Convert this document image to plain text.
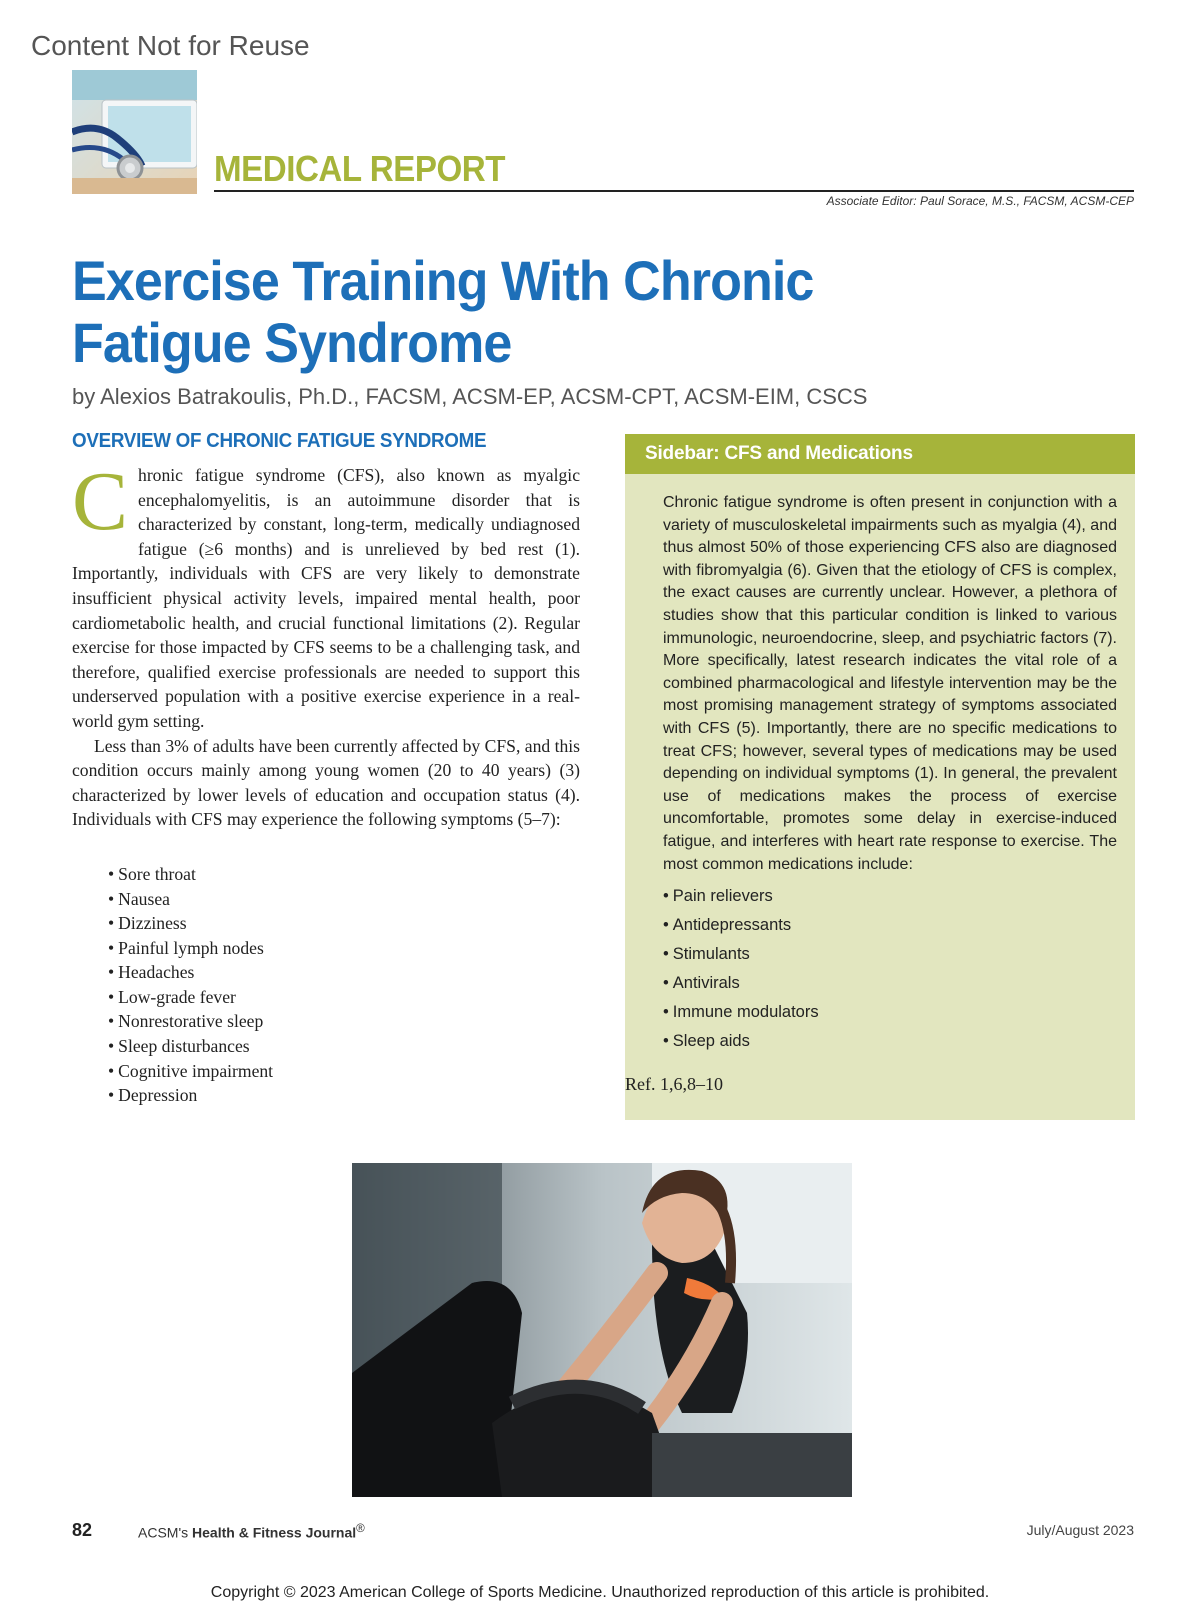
Content Not for Reuse
MEDICAL REPORT
Associate Editor: Paul Sorace, M.S., FACSM, ACSM-CEP
Exercise Training With Chronic Fatigue Syndrome
by Alexios Batrakoulis, Ph.D., FACSM, ACSM-EP, ACSM-CPT, ACSM-EIM, CSCS
OVERVIEW OF CHRONIC FATIGUE SYNDROME

Chronic fatigue syndrome (CFS), also known as myalgic encephalomyelitis, is an autoimmune disorder that is characterized by constant, long-term, medically undiagnosed fatigue (≥6 months) and is unrelieved by bed rest (1). Importantly, individuals with CFS are very likely to demonstrate insufficient physical activity levels, impaired mental health, poor cardiometabolic health, and crucial functional limitations (2). Regular exercise for those impacted by CFS seems to be a challenging task, and therefore, qualified exercise professionals are needed to support this underserved population with a positive exercise experience in a real-world gym setting.

Less than 3% of adults have been currently affected by CFS, and this condition occurs mainly among young women (20 to 40 years) (3) characterized by lower levels of education and occupation status (4). Individuals with CFS may experience the following symptoms (5–7):

• Sore throat
• Nausea
• Dizziness
• Painful lymph nodes
• Headaches
• Low-grade fever
• Nonrestorative sleep
• Sleep disturbances
• Cognitive impairment
• Depression
Sidebar: CFS and Medications
Chronic fatigue syndrome is often present in conjunction with a variety of musculoskeletal impairments such as myalgia (4), and thus almost 50% of those experiencing CFS also are diagnosed with fibromyalgia (6). Given that the etiology of CFS is complex, the exact causes are currently unclear. However, a plethora of studies show that this particular condition is linked to various immunologic, neuroendocrine, sleep, and psychiatric factors (7). More specifically, latest research indicates the vital role of a combined pharmacological and lifestyle intervention may be the most promising management strategy of symptoms associated with CFS (5). Importantly, there are no specific medications to treat CFS; however, several types of medications may be used depending on individual symptoms (1). In general, the prevalent use of medications makes the process of exercise uncomfortable, promotes some delay in exercise-induced fatigue, and interferes with heart rate response to exercise. The most common medications include:
• Pain relievers
• Antidepressants
• Stimulants
• Antivirals
• Immune modulators
• Sleep aids
Ref. 1,6,8–10
82	ACSM's Health & Fitness Journal®	July/August 2023
Copyright © 2023 American College of Sports Medicine. Unauthorized reproduction of this article is prohibited.
